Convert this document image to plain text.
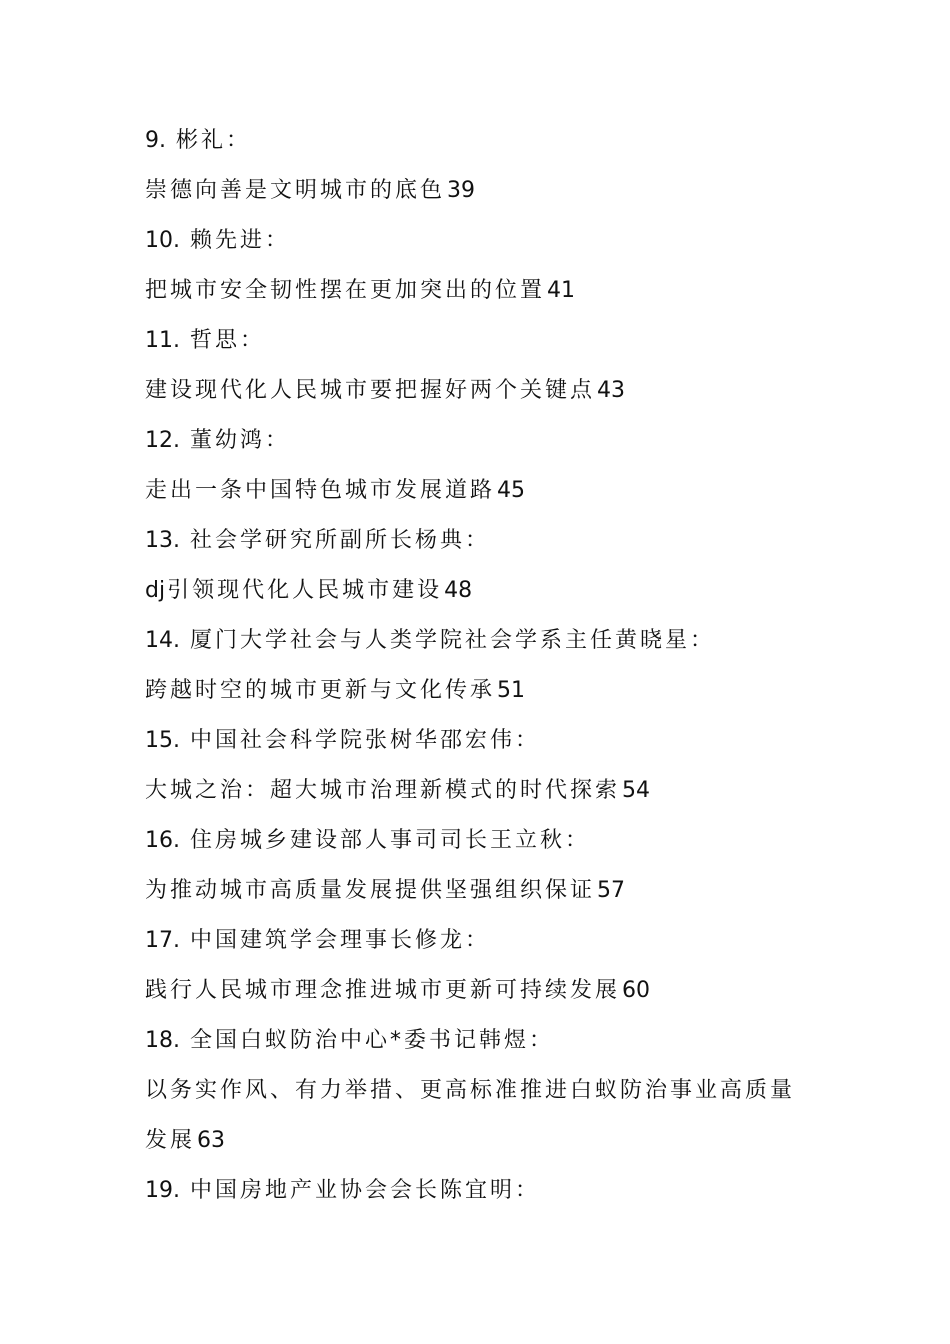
9. 彬礼：
崇德向善是文明城市的底色39
10. 赖先进：
把城市安全韧性摆在更加突出的位置41
11. 哲思：
建设现代化人民城市要把握好两个关键点43
12. 董幼鸿：
走出一条中国特色城市发展道路45
13. 社会学研究所副所长杨典：
dj引领现代化人民城市建设48
14. 厦门大学社会与人类学院社会学系主任黄晓星：
跨越时空的城市更新与文化传承51
15. 中国社会科学院张树华邵宏伟：
大城之治：超大城市治理新模式的时代探索54
16. 住房城乡建设部人事司司长王立秋：
为推动城市高质量发展提供坚强组织保证57
17. 中国建筑学会理事长修龙：
践行人民城市理念推进城市更新可持续发展60
18. 全国白蚁防治中心*委书记韩煜：
以务实作风、有力举措、更高标准推进白蚁防治事业高质量发展63
19. 中国房地产业协会会长陈宜明：
